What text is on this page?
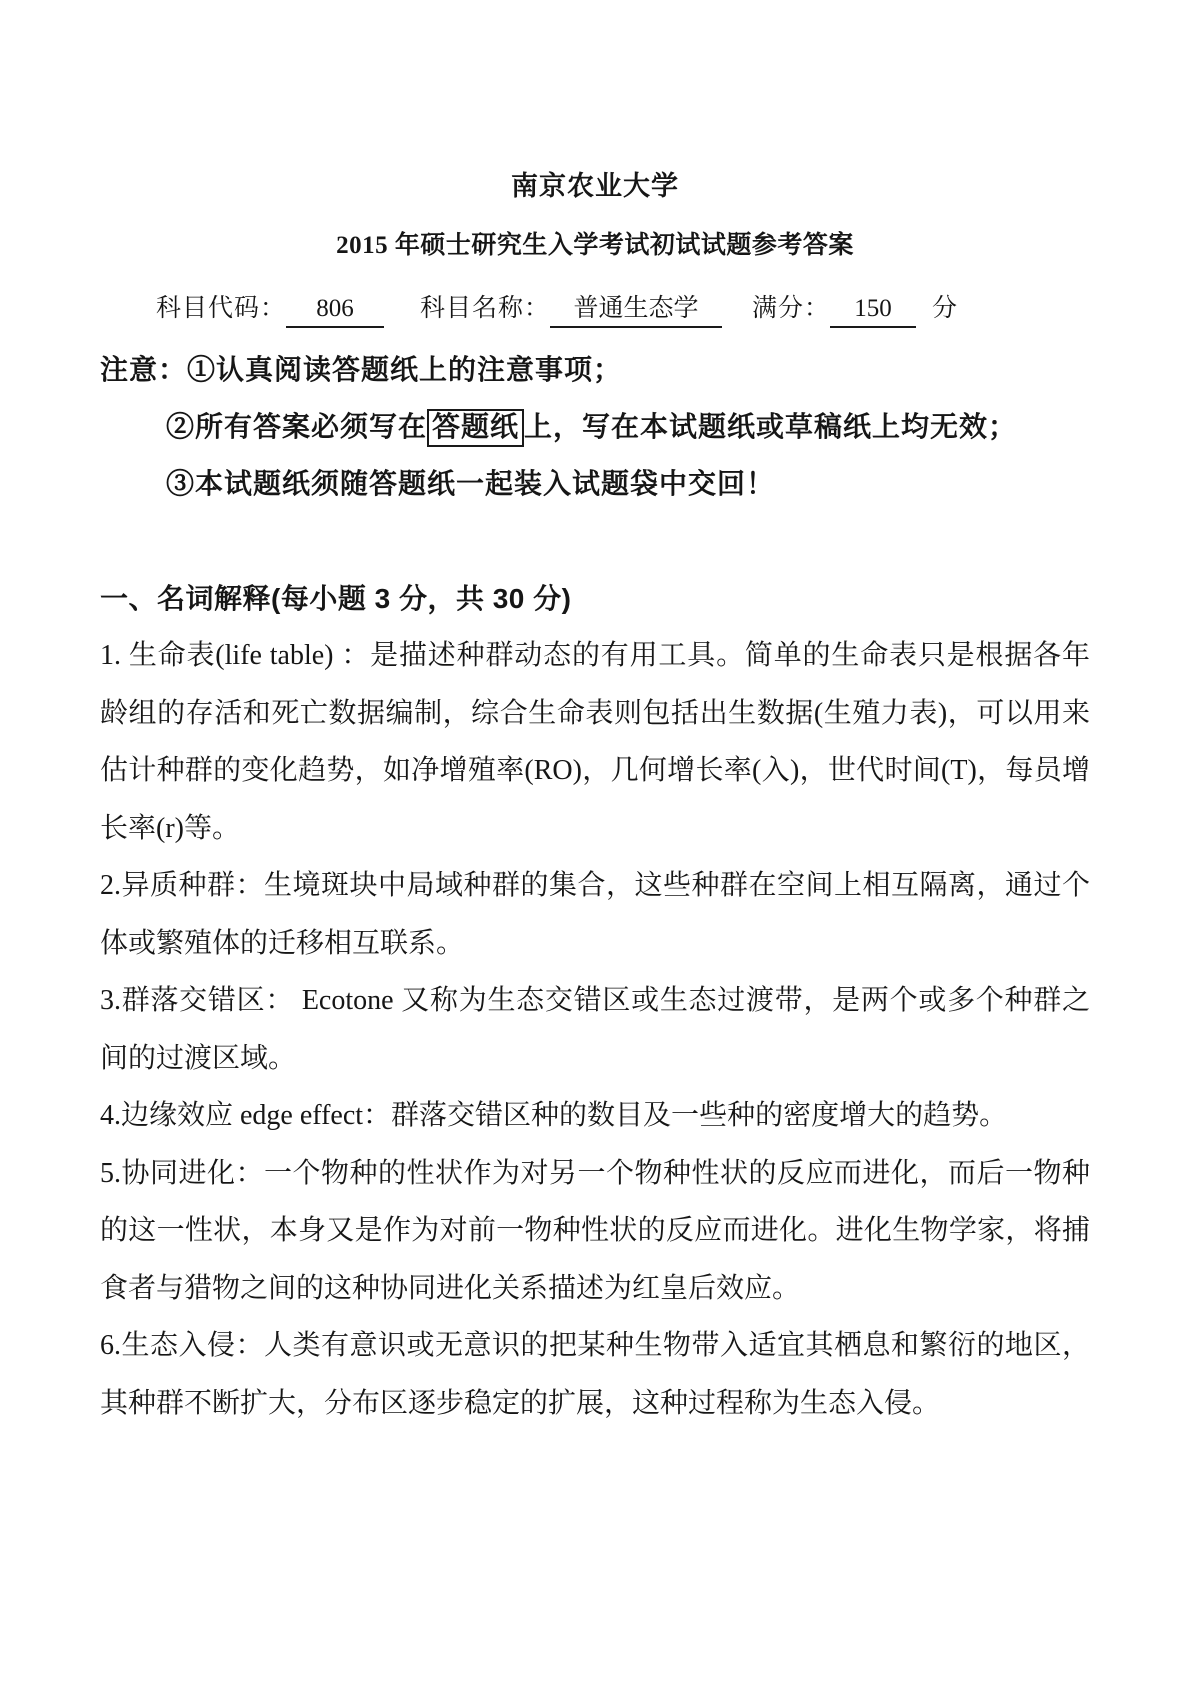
南京农业大学
2015 年硕士研究生入学考试初试试题参考答案
科目代码： 806	科目名称： 普通生态学 满分： 150 分

注意：①认真阅读答题纸上的注意事项；

②所有答案必须写在 答题纸 上，写在本试题纸或草稿纸上均无效；

③本试题纸须随答题纸一起装入试题袋中交回！

一、名词解释(每小题 3 分，共 30 分)

1. 生命表(life table) ：是描述种群动态的有用工具。简单的生命表只是根据各年龄组的存活和死亡数据编制，综合生命表则包括出生数据(生殖力表)，可以用来估计种群的变化趋势，如净增殖率(RO)，几何增长率(入)，世代时间(T)，每员增长率(r)等。

2.异质种群：生境斑块中局域种群的集合，这些种群在空间上相互隔离，通过个体或繁殖体的迁移相互联系。

3.群落交错区： Ecotone 又称为生态交错区或生态过渡带，是两个或多个种群之间的过渡区域。

4.边缘效应 edge effect：群落交错区种的数目及一些种的密度增大的趋势。

5.协同进化：一个物种的性状作为对另一个物种性状的反应而进化，而后一物种的这一性状，本身又是作为对前一物种性状的反应而进化。进化生物学家，将捕食者与猎物之间的这种协同进化关系描述为红皇后效应。

6.生态入侵：人类有意识或无意识的把某种生物带入适宜其栖息和繁衍的地区，其种群不断扩大，分布区逐步稳定的扩展，这种过程称为生态入侵。
